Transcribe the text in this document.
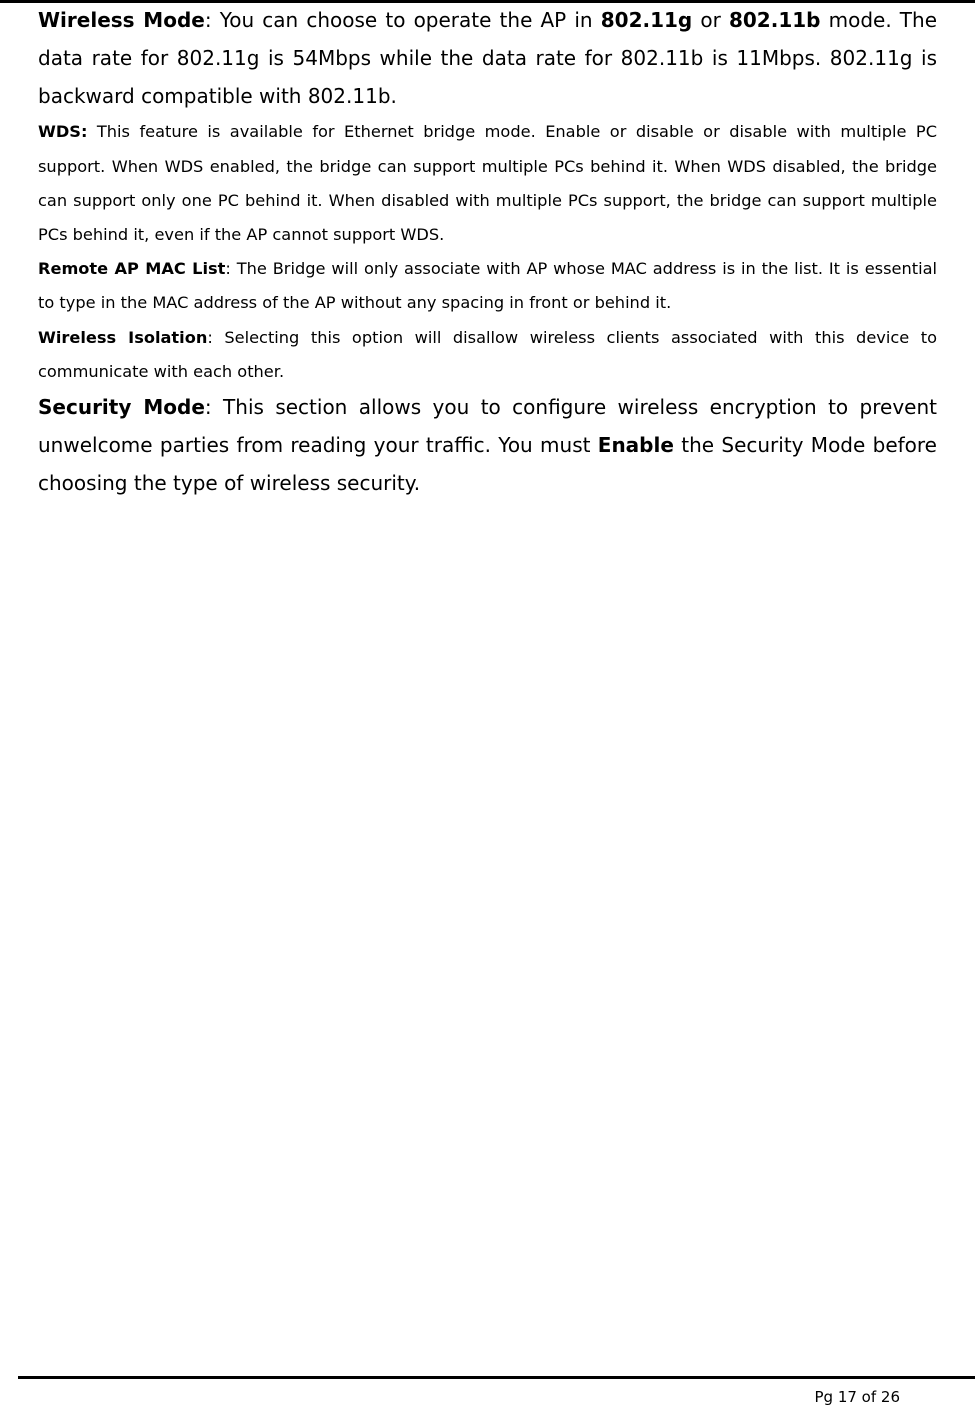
Wireless Mode: You can choose to operate the AP in 802.11g or 802.11b mode. The data rate for 802.11g is 54Mbps while the data rate for 802.11b is 11Mbps. 802.11g is backward compatible with 802.11b.

WDS: This feature is available for Ethernet bridge mode. Enable or disable or disable with multiple PC support. When WDS enabled, the bridge can support multiple PCs behind it. When WDS disabled, the bridge can support only one PC behind it. When disabled with multiple PCs support, the bridge can support multiple PCs behind it, even if the AP cannot support WDS.

Remote AP MAC List: The Bridge will only associate with AP whose MAC address is in the list. It is essential to type in the MAC address of the AP without any spacing in front or behind it.

Wireless Isolation: Selecting this option will disallow wireless clients associated with this device to communicate with each other.

Security Mode: This section allows you to configure wireless encryption to prevent unwelcome parties from reading your traffic. You must Enable the Security Mode before choosing the type of wireless security.

Pg 17 of 26
